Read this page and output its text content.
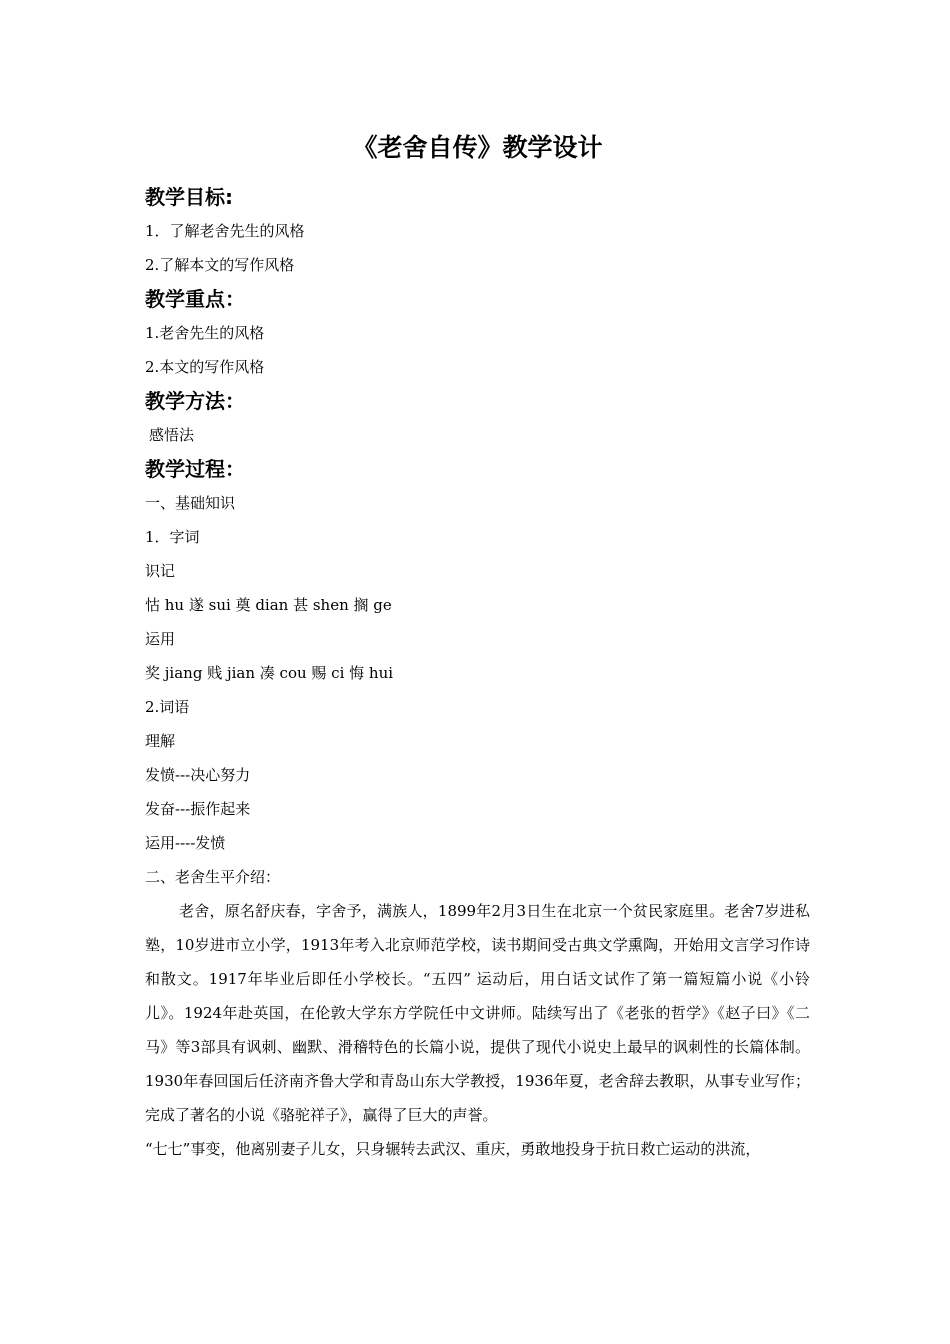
《老舍自传》教学设计
教学目标:

1．了解老舍先生的风格

2.了解本文的写作风格

教学重点：

1.老舍先生的风格

2.本文的写作风格

教学方法：

感悟法

教学过程：

一、基础知识

1．字词

识记

怙 hu 遂 sui 奠 dian 甚 shen 搁 ge

运用

奖 jiang 贱 jian 凑 cou 赐 ci 悔 hui

2.词语

理解

发愤---决心努力

发奋---振作起来

运用----发愤

二、老舍生平介绍：

老舍，原名舒庆春，字舍予，满族人，1899年2月3日生在北京一个贫民家庭里。老舍7岁进私塾，10岁进市立小学，1913年考入北京师范学校，读书期间受古典文学熏陶，开始用文言学习作诗和散文。1917年毕业后即任小学校长。“五四” 运动后，用白话文试作了第一篇短篇小说《小铃儿》。1924年赴英国，在伦敦大学东方学院任中文讲师。陆续写出了《老张的哲学》《赵子曰》《二马》等3部具有讽刺、幽默、滑稽特色的长篇小说，提供了现代小说史上最早的讽刺性的长篇体制。1930年春回国后任济南齐鲁大学和青岛山东大学教授，1936年夏，老舍辞去教职，从事专业写作；完成了著名的小说《骆驼祥子》，赢得了巨大的声誉。

“七七”事变，他离别妻子儿女，只身辗转去武汉、重庆，勇敢地投身于抗日救亡运动的洪流，
